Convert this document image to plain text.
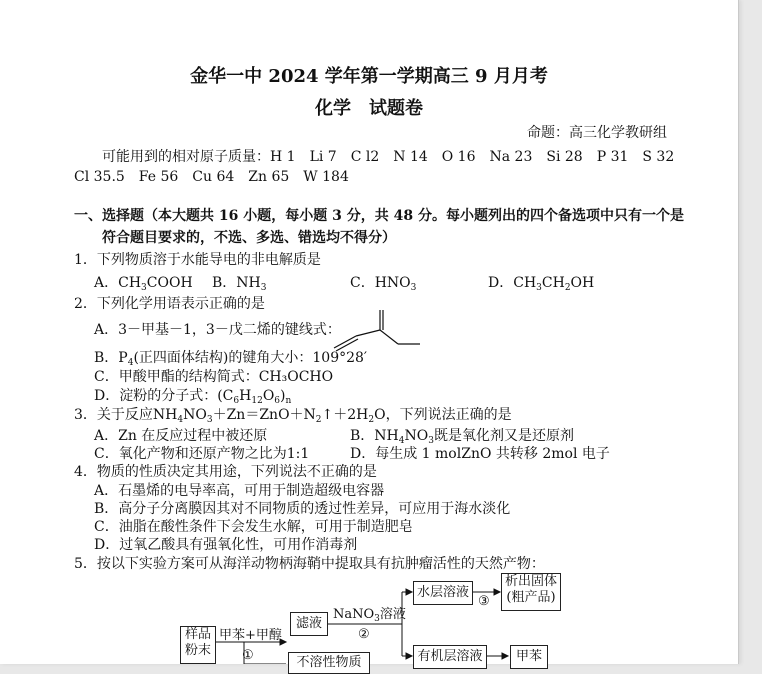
金华一中 2024 学年第一学期高三 9 月月考
化学　试题卷
命题：高三化学教研组
可能用到的相对原子质量：H 1　Li 7　C l2　N 14　O 16　Na 23　Si 28　P 31　S 32
Cl 35.5　Fe 56　Cu 64　Zn 65　W 184
一、选择题（本大题共 16 小题，每小题 3 分，共 48 分。每小题列出的四个备选项中只有一个是
符合题目要求的，不选、多选、错选均不得分）
1．下列物质溶于水能导电的非电解质是
A．$CH_3COOH$ B．$NH_3$	C．$HNO_3$	D．$CH_3CH_2OH$
2．下列化学用语表示正确的是
A．3－甲基－1，3－戊二烯的键线式：
B．$P_4$(正四面体结构)的键角大小：109°28′
C．甲酸甲酯的结构简式：CH₃OCHO
D．淀粉的分子式：$(C_6H_{12}O_6)_n$
3．关于反应$NH_4NO_3+Zn=ZnO+N_2↑+2H_2O$，下列说法正确的是
A．Zn 在反应过程中被还原	B．$NH_4NO_3$既是氧化剂又是还原剂
C．氧化产物和还原产物之比为1:1	D．每生成 1 molZnO 共转移 2mol 电子
4．物质的性质决定其用途，下列说法不正确的是
A．石墨烯的电导率高，可用于制造超级电容器
B．高分子分离膜因其对不同物质的透过性差异，可应用于海水淡化
C．油脂在酸性条件下会发生水解，可用于制造肥皂
D．过氧乙酸具有强氧化性，可用作消毒剂
5．按以下实验方案可从海洋动物柄海鞘中提取具有抗肿瘤活性的天然产物：
样品粉末
甲苯+甲醇
①
滤液
不溶性物质
NaNO$_3$溶液
②
水层溶液
③
析出固体(粗产品)
有机层溶液	甲苯
